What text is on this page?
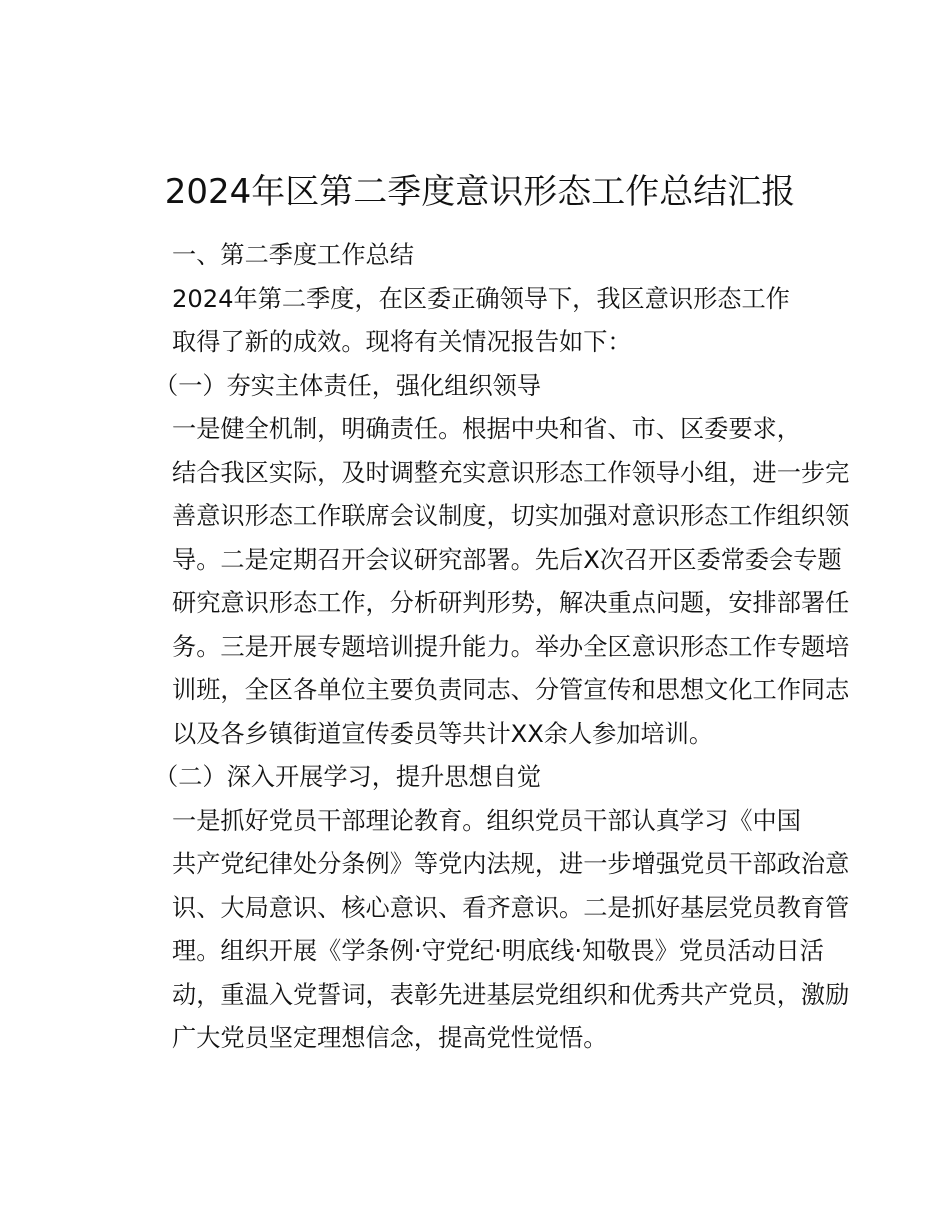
2024年区第二季度意识形态工作总结汇报

一、第二季度工作总结

2024年第二季度，在区委正确领导下，我区意识形态工作
取得了新的成效。现将有关情况报告如下：

（一）夯实主体责任，强化组织领导

一是健全机制，明确责任。根据中央和省、市、区委要求，
结合我区实际，及时调整充实意识形态工作领导小组，进一步完
善意识形态工作联席会议制度，切实加强对意识形态工作组织领
导。二是定期召开会议研究部署。先后X次召开区委常委会专题
研究意识形态工作，分析研判形势，解决重点问题，安排部署任
务。三是开展专题培训提升能力。举办全区意识形态工作专题培
训班，全区各单位主要负责同志、分管宣传和思想文化工作同志
以及各乡镇街道宣传委员等共计XX余人参加培训。

（二）深入开展学习，提升思想自觉

一是抓好党员干部理论教育。组织党员干部认真学习《中国
共产党纪律处分条例》等党内法规，进一步增强党员干部政治意
识、大局意识、核心意识、看齐意识。二是抓好基层党员教育管
理。组织开展《学条例·守党纪·明底线·知敬畏》党员活动日活
动，重温入党誓词，表彰先进基层党组织和优秀共产党员，激励
广大党员坚定理想信念，提高党性觉悟。
